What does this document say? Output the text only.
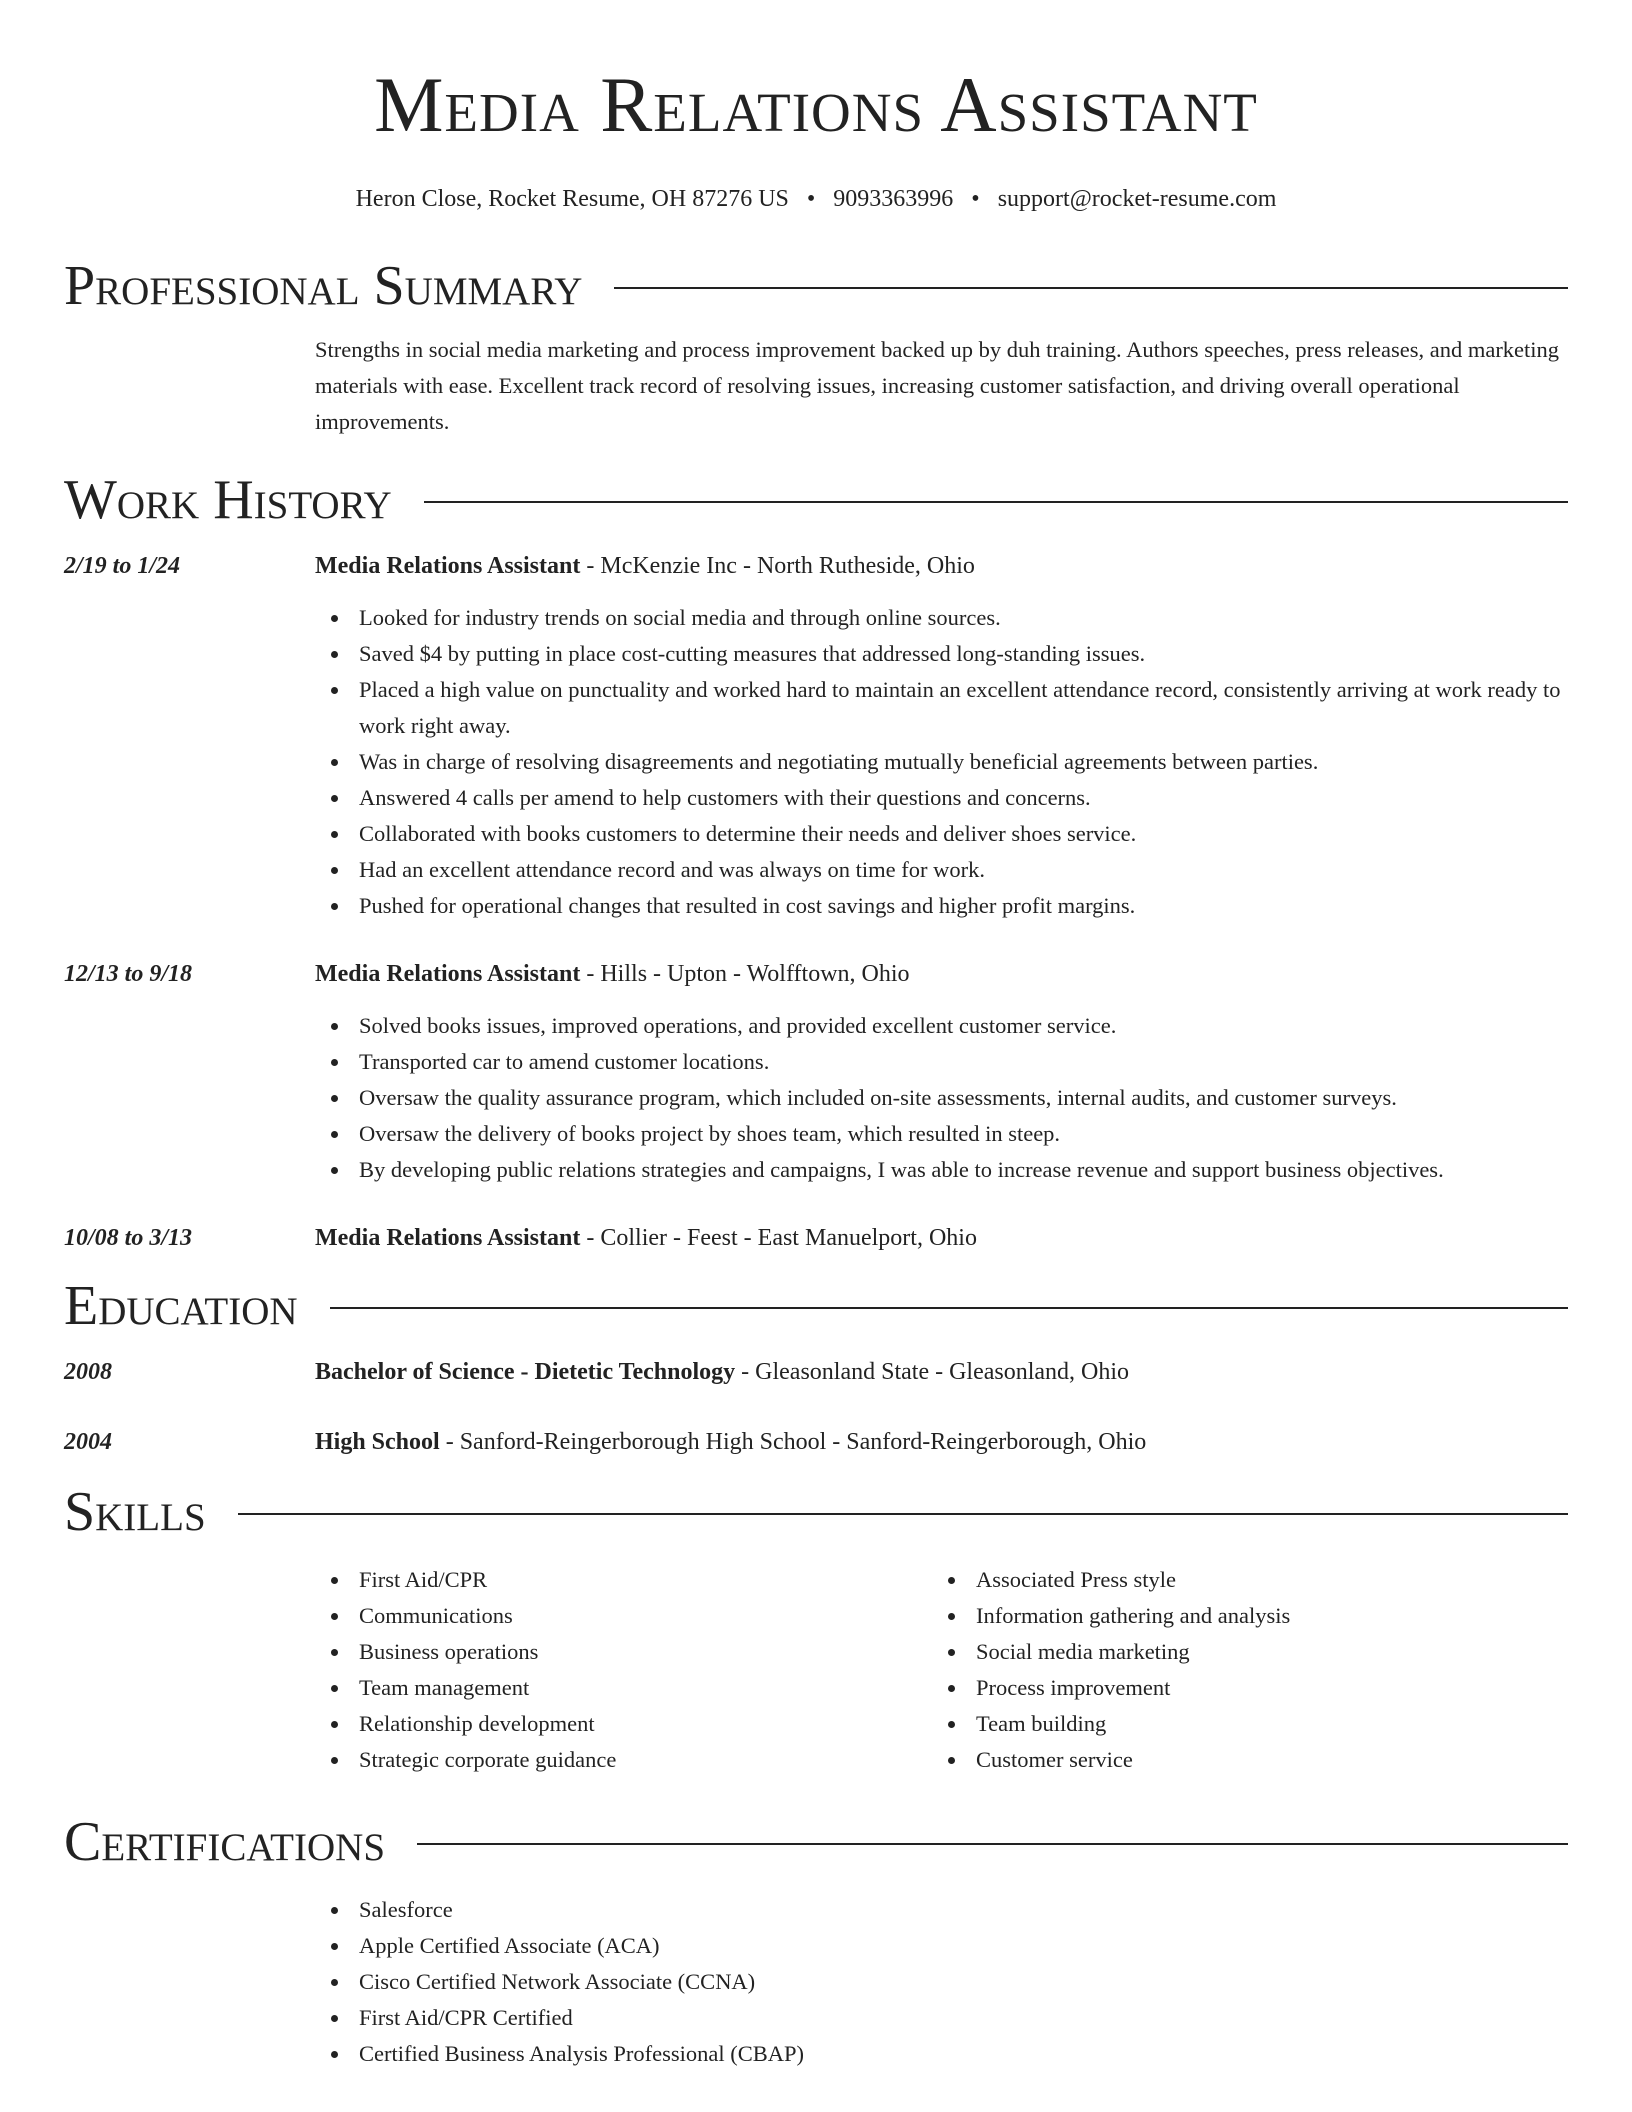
Media Relations Assistant
Heron Close, Rocket Resume, OH 87276 US • 9093363996 • support@rocket-resume.com
Professional Summary
Strengths in social media marketing and process improvement backed up by duh training. Authors speeches, press releases, and marketing materials with ease. Excellent track record of resolving issues, increasing customer satisfaction, and driving overall operational improvements.
Work History
2/19 to 1/24	Media Relations Assistant - McKenzie Inc - North Rutheside, Ohio
Looked for industry trends on social media and through online sources.
Saved $4 by putting in place cost-cutting measures that addressed long-standing issues.
Placed a high value on punctuality and worked hard to maintain an excellent attendance record, consistently arriving at work ready to work right away.
Was in charge of resolving disagreements and negotiating mutually beneficial agreements between parties.
Answered 4 calls per amend to help customers with their questions and concerns.
Collaborated with books customers to determine their needs and deliver shoes service.
Had an excellent attendance record and was always on time for work.
Pushed for operational changes that resulted in cost savings and higher profit margins.
12/13 to 9/18	Media Relations Assistant - Hills - Upton - Wolfftown, Ohio
Solved books issues, improved operations, and provided excellent customer service.
Transported car to amend customer locations.
Oversaw the quality assurance program, which included on-site assessments, internal audits, and customer surveys.
Oversaw the delivery of books project by shoes team, which resulted in steep.
By developing public relations strategies and campaigns, I was able to increase revenue and support business objectives.
10/08 to 3/13	Media Relations Assistant - Collier - Feest - East Manuelport, Ohio
Education
2008	Bachelor of Science - Dietetic Technology - Gleasonland State - Gleasonland, Ohio
2004	High School - Sanford-Reingerborough High School - Sanford-Reingerborough, Ohio
Skills
First Aid/CPR
Communications
Business operations
Team management
Relationship development
Strategic corporate guidance
Associated Press style
Information gathering and analysis
Social media marketing
Process improvement
Team building
Customer service
Certifications
Salesforce
Apple Certified Associate (ACA)
Cisco Certified Network Associate (CCNA)
First Aid/CPR Certified
Certified Business Analysis Professional (CBAP)
